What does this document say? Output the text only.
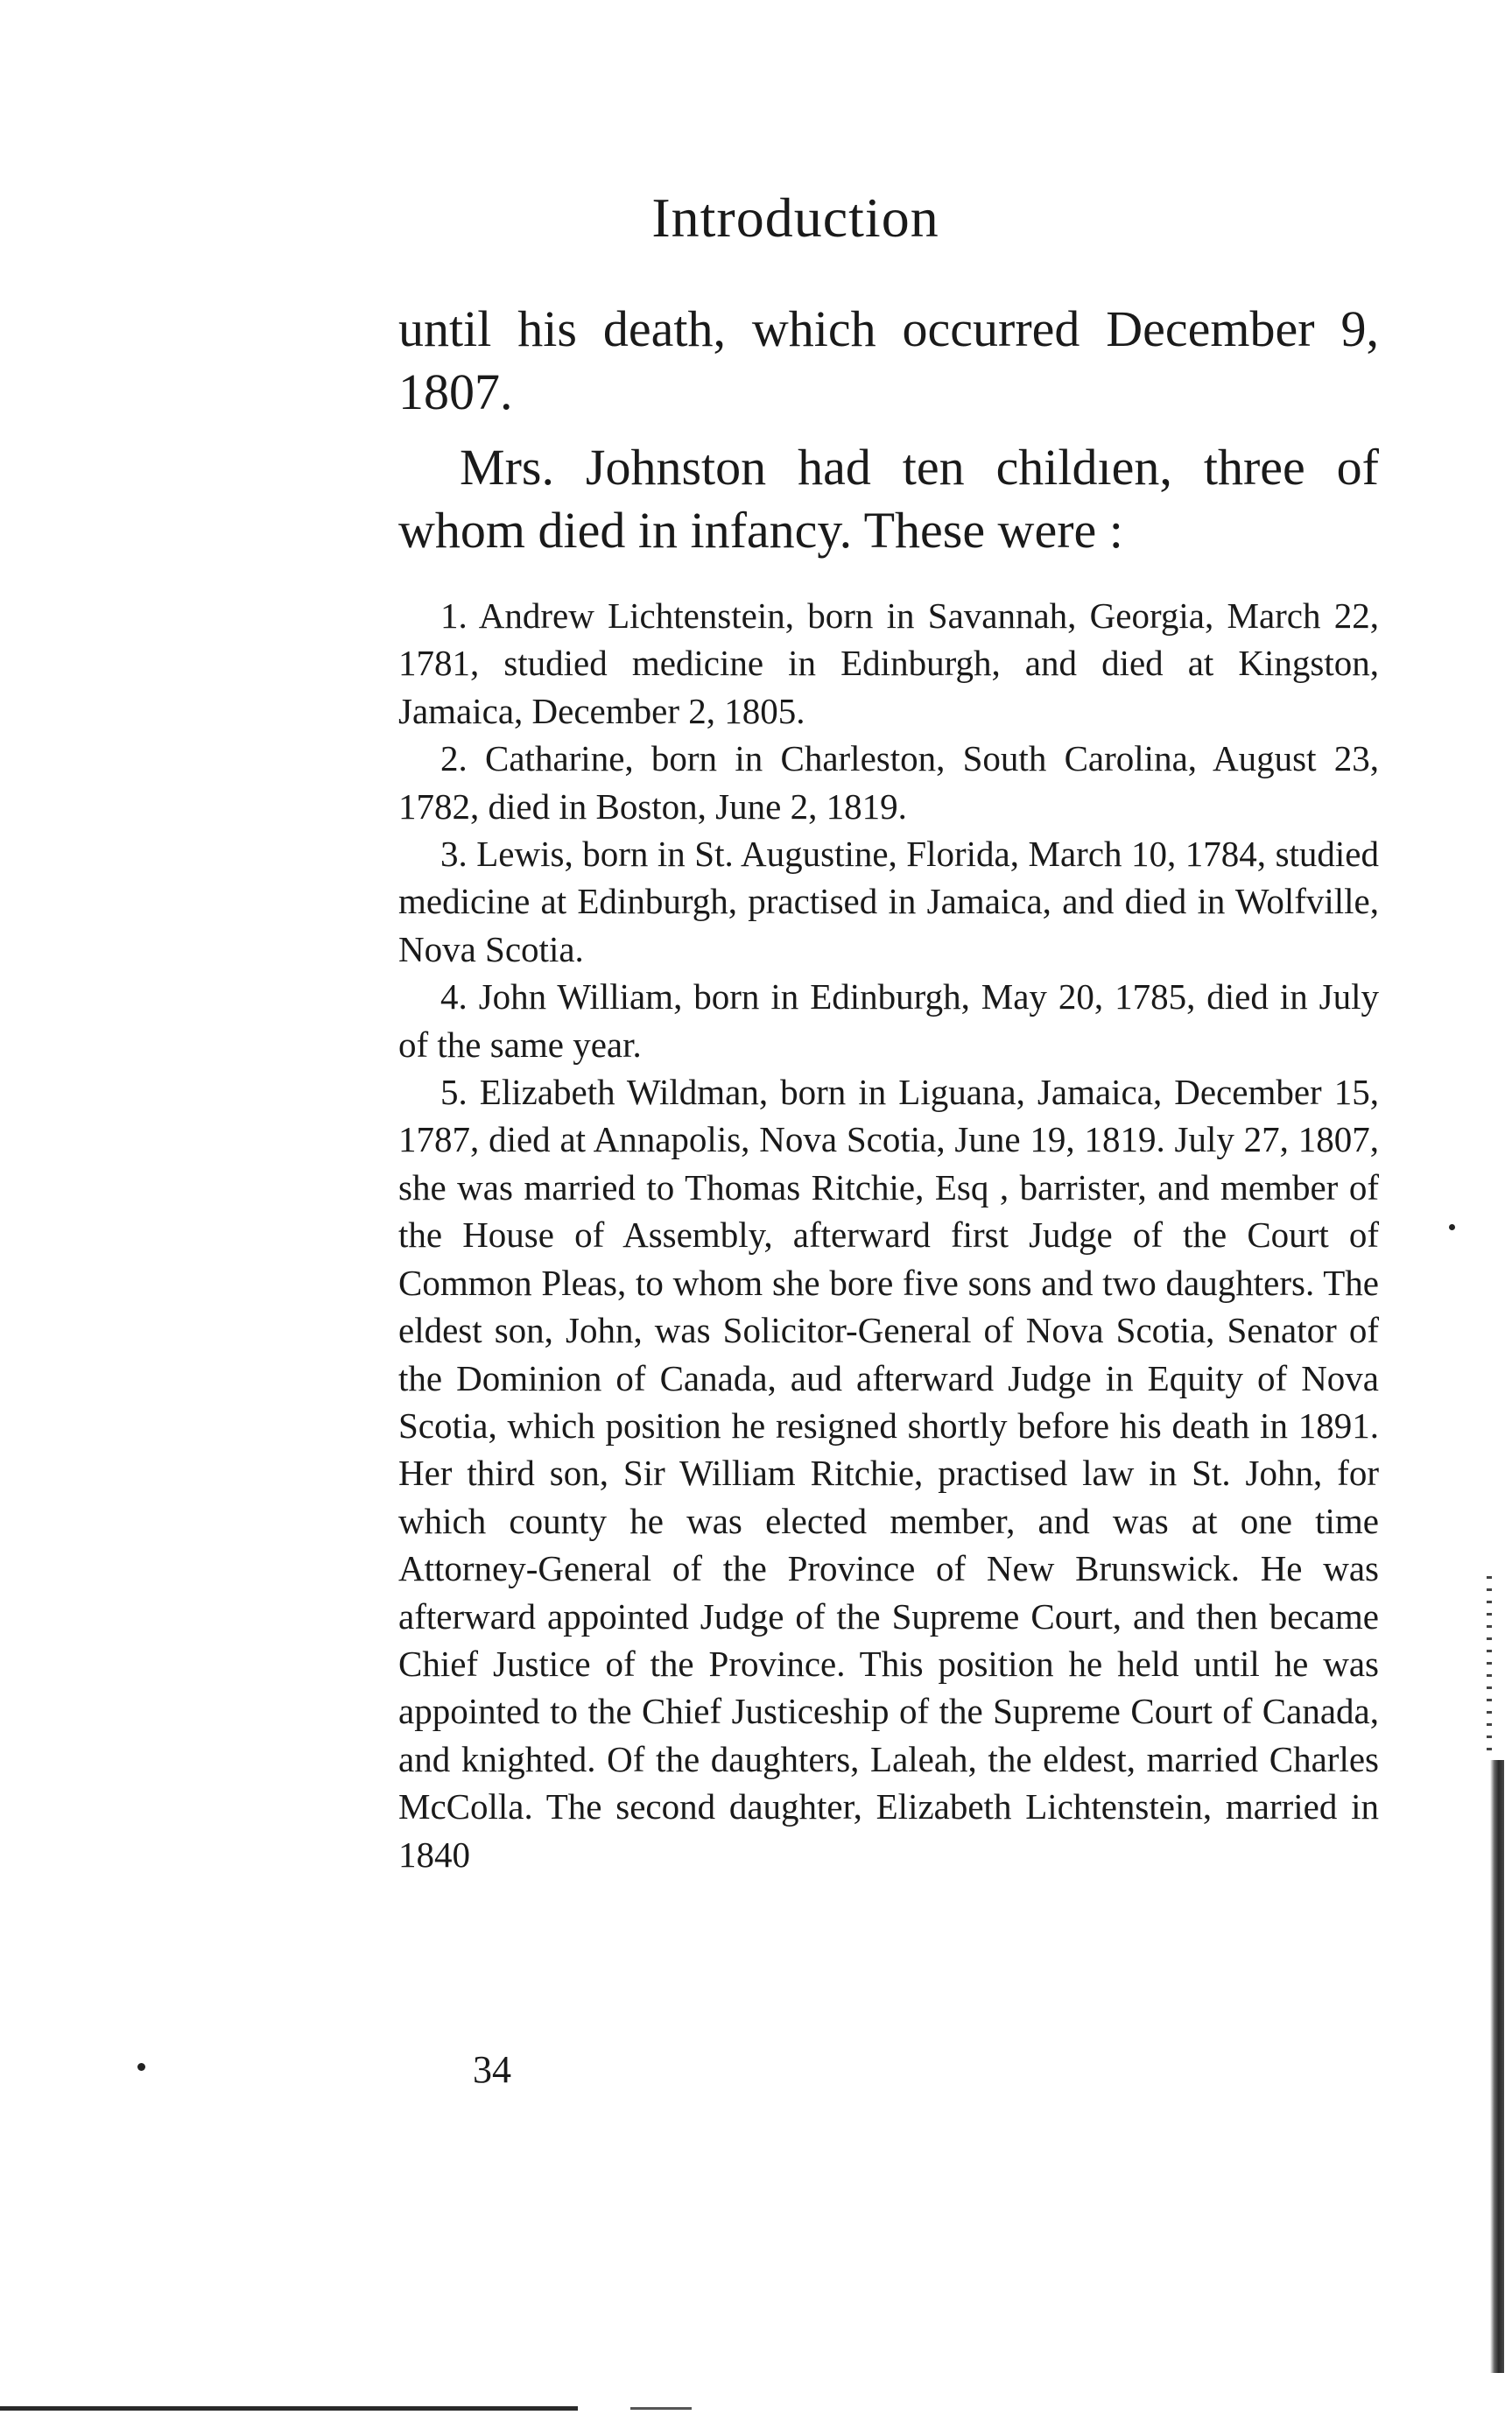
Introduction

until his death, which occurred December 9, 1807.

Mrs. Johnston had ten childıen, three of whom died in infancy. These were :

1. Andrew Lichtenstein, born in Savannah, Georgia, March 22, 1781, studied medicine in Edinburgh, and died at Kingston, Jamaica, December 2, 1805.

2. Catharine, born in Charleston, South Carolina, August 23, 1782, died in Boston, June 2, 1819.

3. Lewis, born in St. Augustine, Florida, March 10, 1784, studied medicine at Edinburgh, practised in Jamaica, and died in Wolfville, Nova Scotia.

4. John William, born in Edinburgh, May 20, 1785, died in July of the same year.

5. Elizabeth Wildman, born in Liguana, Jamaica, December 15, 1787, died at Annapolis, Nova Scotia, June 19, 1819. July 27, 1807, she was married to Thomas Ritchie, Esq , barrister, and member of the House of Assembly, afterward first Judge of the Court of Common Pleas, to whom she bore five sons and two daughters. The eldest son, John, was Solicitor-General of Nova Scotia, Senator of the Dominion of Canada, aud afterward Judge in Equity of Nova Scotia, which position he resigned shortly before his death in 1891. Her third son, Sir William Ritchie, practised law in St. John, for which county he was elected member, and was at one time Attorney-General of the Province of New Brunswick. He was afterward appointed Judge of the Supreme Court, and then became Chief Justice of the Province. This position he held until he was appointed to the Chief Justiceship of the Supreme Court of Canada, and knighted. Of the daughters, Laleah, the eldest, married Charles McColla. The second daughter, Elizabeth Lichtenstein, married in 1840

34
